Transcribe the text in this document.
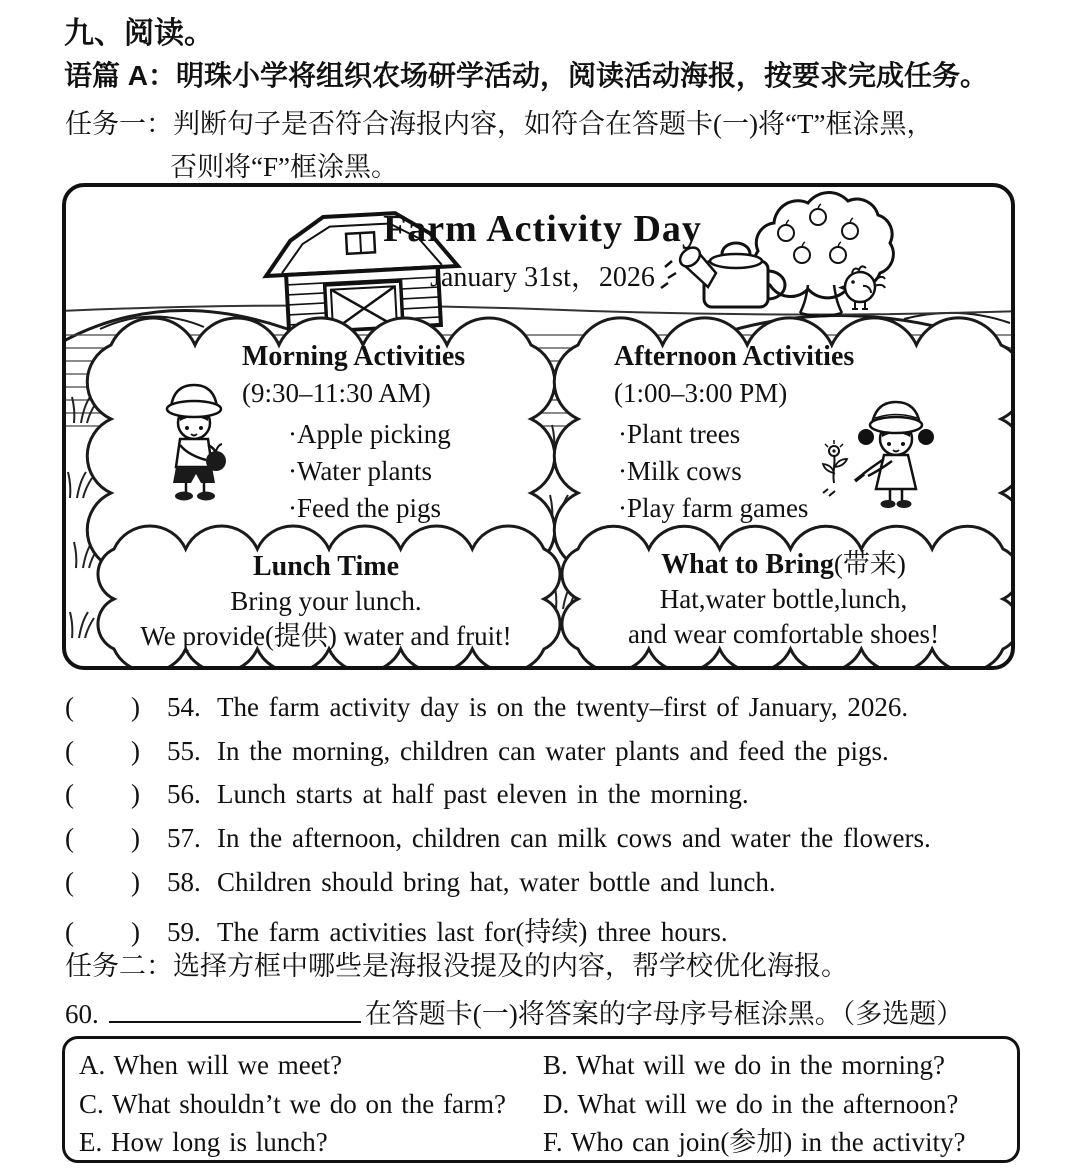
九、阅读。
语篇 A：明珠小学将组织农场研学活动，阅读活动海报，按要求完成任务。
任务一：判断句子是否符合海报内容，如符合在答题卡(一)将“T”框涂黑，
否则将“F”框涂黑。
Farm Activity Day
January 31st，2026
Morning Activities
(9:30–11:30 AM)
·Apple picking
·Water plants
·Feed the pigs
Afternoon Activities
(1:00–3:00 PM)
·Plant trees
·Milk cows
·Play farm games
Lunch Time
Bring your lunch.
We provide(提供) water and fruit!
What to Bring(带来)
Hat,water bottle,lunch,
and wear comfortable shoes!
(	)	54. The farm activity day is on the twenty–first of January, 2026.
(	)	55. In the morning, children can water plants and feed the pigs.
(	)	56. Lunch starts at half past eleven in the morning.
(	)	57. In the afternoon, children can milk cows and water the flowers.
(	)	58. Children should bring hat, water bottle and lunch.
(	)	59. The farm activities last for(持续) three hours.
任务二：选择方框中哪些是海报没提及的内容，帮学校优化海报。
60.	在答题卡(一)将答案的字母序号框涂黑。（多选题）
A. When will we meet?	B. What will we do in the morning?
C. What shouldn’t we do on the farm?	D. What will we do in the afternoon?
E. How long is lunch?	F. Who can join(参加) in the activity?
